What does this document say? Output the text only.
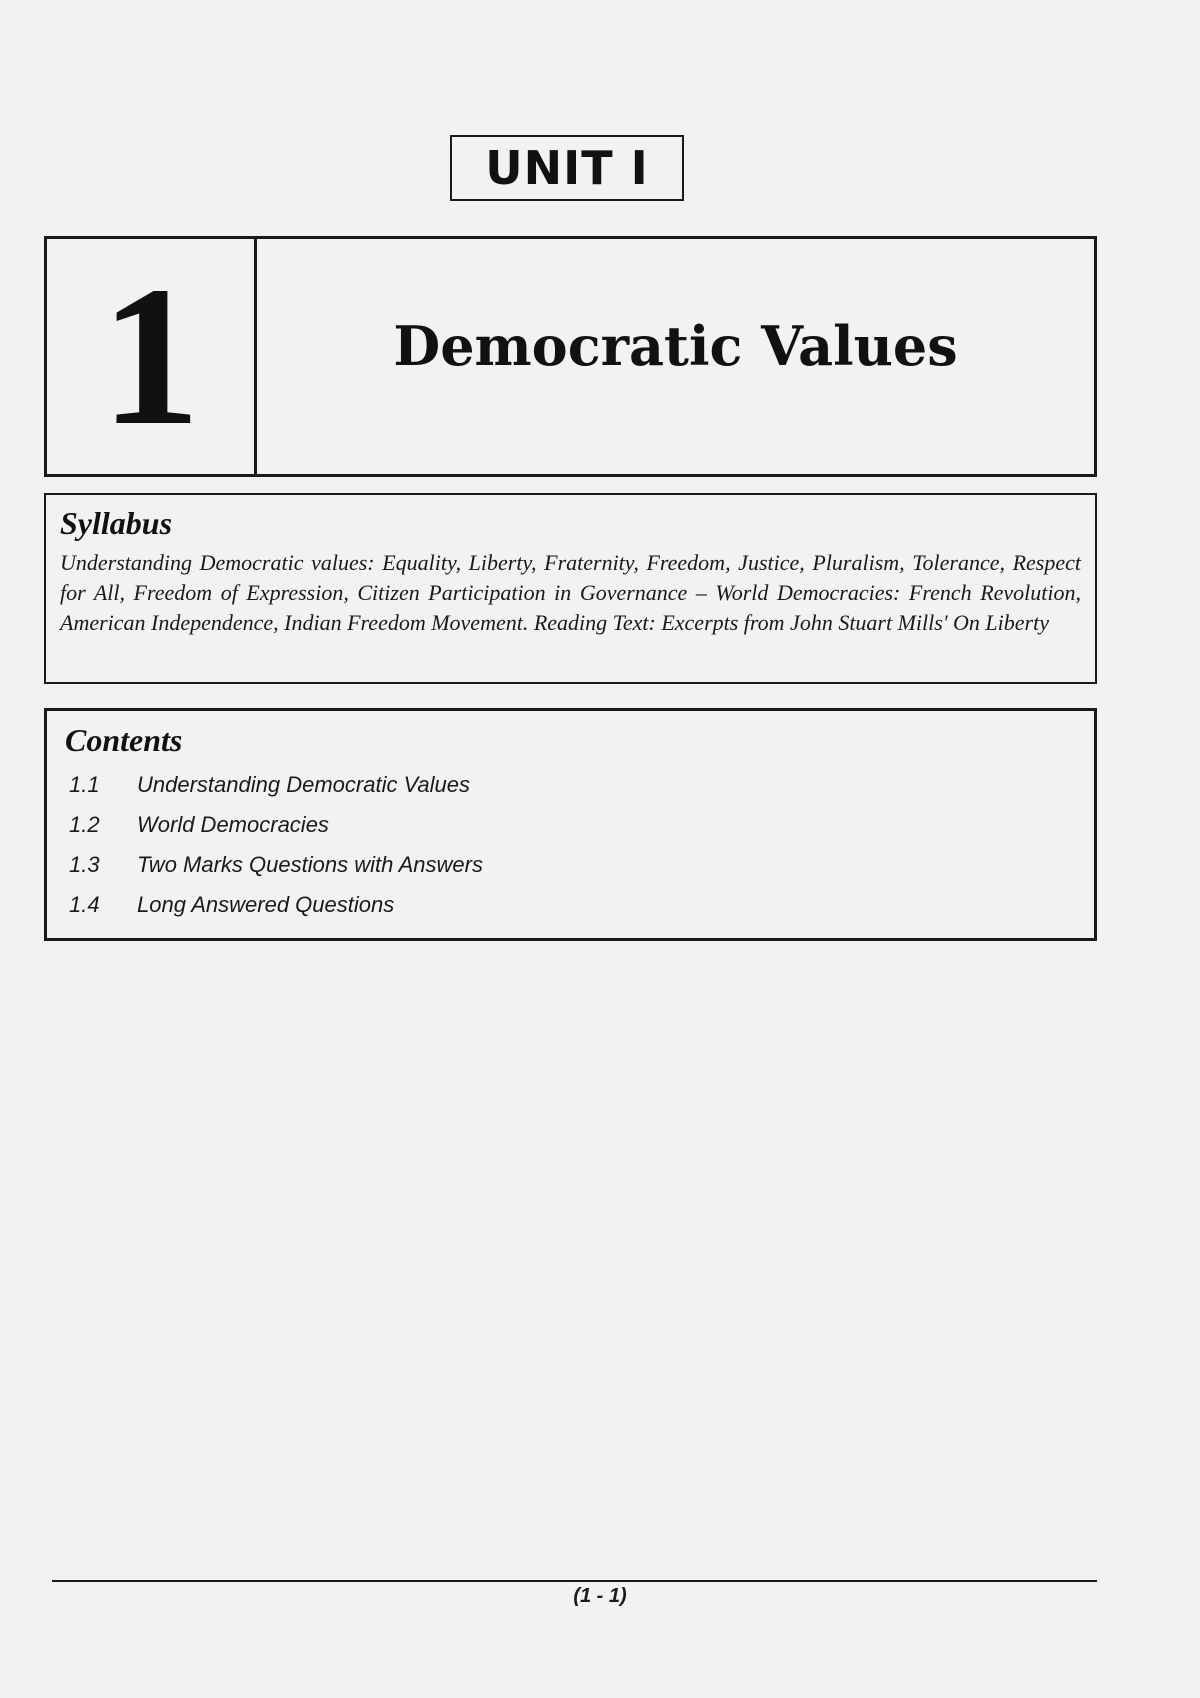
UNIT I
1	Democratic Values
Syllabus

Understanding Democratic values: Equality, Liberty, Fraternity, Freedom, Justice, Pluralism, Tolerance, Respect for All, Freedom of Expression, Citizen Participation in Governance – World Democracies: French Revolution, American Independence, Indian Freedom Movement. Reading Text: Excerpts from John Stuart Mills' On Liberty

Contents
1.1	Understanding Democratic Values
1.2	World Democracies
1.3	Two Marks Questions with Answers
1.4	Long Answered Questions
(1 - 1)
